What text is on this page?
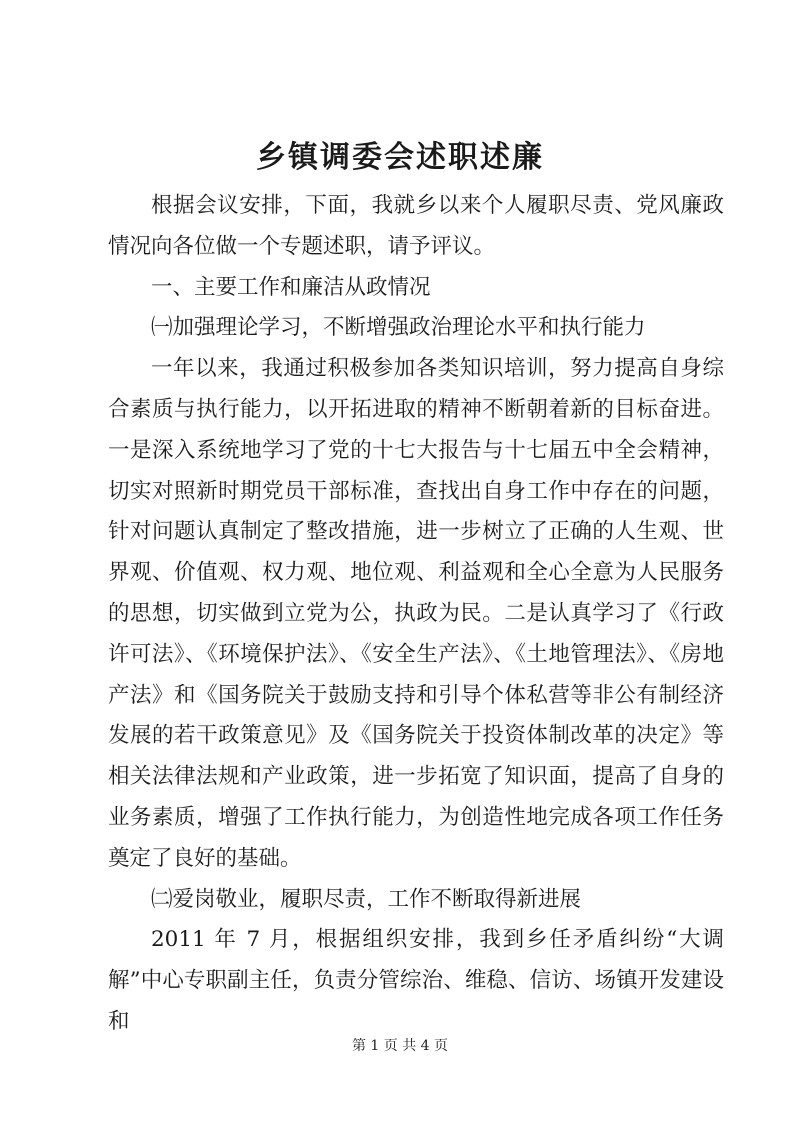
乡镇调委会述职述廉

根据会议安排，下面，我就乡以来个人履职尽责、党风廉政情况向各位做一个专题述职，请予评议。

一、主要工作和廉洁从政情况

㈠加强理论学习，不断增强政治理论水平和执行能力

一年以来，我通过积极参加各类知识培训，努力提高自身综合素质与执行能力，以开拓进取的精神不断朝着新的目标奋进。一是深入系统地学习了党的十七大报告与十七届五中全会精神，切实对照新时期党员干部标准，查找出自身工作中存在的问题，针对问题认真制定了整改措施，进一步树立了正确的人生观、世界观、价值观、权力观、地位观、利益观和全心全意为人民服务的思想，切实做到立党为公，执政为民。二是认真学习了《行政许可法》、《环境保护法》、《安全生产法》、《土地管理法》、《房地产法》和《国务院关于鼓励支持和引导个体私营等非公有制经济发展的若干政策意见》及《国务院关于投资体制改革的决定》等相关法律法规和产业政策，进一步拓宽了知识面，提高了自身的业务素质，增强了工作执行能力，为创造性地完成各项工作任务奠定了良好的基础。

㈡爱岗敬业，履职尽责，工作不断取得新进展

2011 年 7 月，根据组织安排，我到乡任矛盾纠纷“大调解”中心专职副主任，负责分管综治、维稳、信访、场镇开发建设和

第 1 页 共 4 页
